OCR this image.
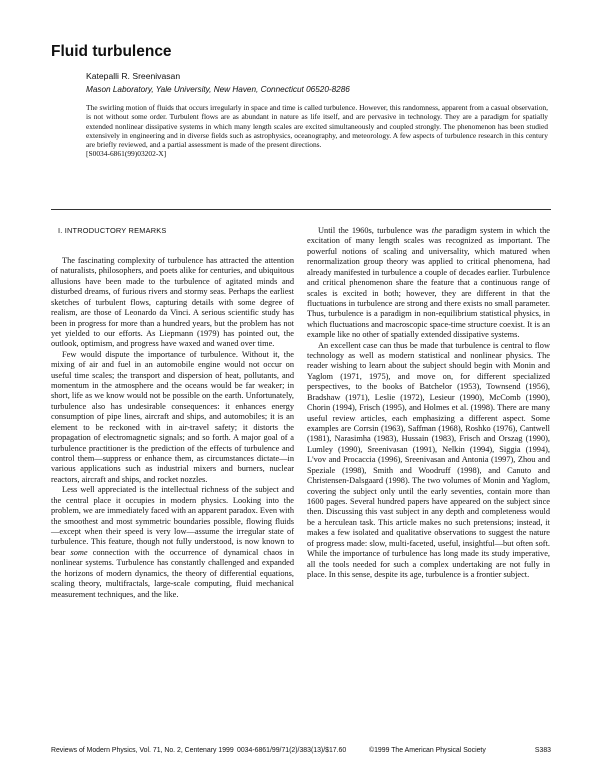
Fluid turbulence
Katepalli R. Sreenivasan
Mason Laboratory, Yale University, New Haven, Connecticut 06520-8286
The swirling motion of fluids that occurs irregularly in space and time is called turbulence. However, this randomness, apparent from a casual observation, is not without some order. Turbulent flows are as abundant in nature as life itself, and are pervasive in technology. They are a paradigm for spatially extended nonlinear dissipative systems in which many length scales are excited simultaneously and coupled strongly. The phenomenon has been studied extensively in engineering and in diverse fields such as astrophysics, oceanography, and meteorology. A few aspects of turbulence research in this century are briefly reviewed, and a partial assessment is made of the present directions.
[S0034-6861(99)03202-X]
I. INTRODUCTORY REMARKS

The fascinating complexity of turbulence has attracted the attention of naturalists, philosophers, and poets alike for centuries, and ubiquitous allusions have been made to the turbulence of agitated minds and disturbed dreams, of furious rivers and stormy seas. Perhaps the earliest sketches of turbulent flows, capturing details with some degree of realism, are those of Leonardo da Vinci. A serious scientific study has been in progress for more than a hundred years, but the problem has not yet yielded to our efforts. As Liepmann (1979) has pointed out, the outlook, optimism, and progress have waxed and waned over time.

Few would dispute the importance of turbulence. Without it, the mixing of air and fuel in an automobile engine would not occur on useful time scales; the transport and dispersion of heat, pollutants, and momentum in the atmosphere and the oceans would be far weaker; in short, life as we know would not be possible on the earth. Unfortunately, turbulence also has undesirable consequences: it enhances energy consumption of pipe lines, aircraft and ships, and automobiles; it is an element to be reckoned with in air-travel safety; it distorts the propagation of electromagnetic signals; and so forth. A major goal of a turbulence practitioner is the prediction of the effects of turbulence and control them—suppress or enhance them, as circumstances dictate—in various applications such as industrial mixers and burners, nuclear reactors, aircraft and ships, and rocket nozzles.

Less well appreciated is the intellectual richness of the subject and the central place it occupies in modern physics. Looking into the problem, we are immediately faced with an apparent paradox. Even with the smoothest and most symmetric boundaries possible, flowing fluids—except when their speed is very low—assume the irregular state of turbulence. This feature, though not fully understood, is now known to bear some connection with the occurrence of dynamical chaos in nonlinear systems. Turbulence has constantly challenged and expanded the horizons of modern dynamics, the theory of differential equations, scaling theory, multifractals, large-scale computing, fluid mechanical measurement techniques, and the like.

Until the 1960s, turbulence was the paradigm system in which the excitation of many length scales was recognized as important. The powerful notions of scaling and universality, which matured when renormalization group theory was applied to critical phenomena, had already manifested in turbulence a couple of decades earlier. Turbulence and critical phenomenon share the feature that a continuous range of scales is excited in both; however, they are different in that the fluctuations in turbulence are strong and there exists no small parameter. Thus, turbulence is a paradigm in non-equilibrium statistical physics, in which fluctuations and macroscopic space-time structure coexist. It is an example like no other of spatially extended dissipative systems.

An excellent case can thus be made that turbulence is central to flow technology as well as modern statistical and nonlinear physics. The reader wishing to learn about the subject should begin with Monin and Yaglom (1971, 1975), and move on, for different specialized perspectives, to the books of Batchelor (1953), Townsend (1956), Bradshaw (1971), Leslie (1972), Lesieur (1990), McComb (1990), Chorin (1994), Frisch (1995), and Holmes et al. (1998). There are many useful review articles, each emphasizing a different aspect. Some examples are Corrsin (1963), Saffman (1968), Roshko (1976), Cantwell (1981), Narasimha (1983), Hussain (1983), Frisch and Orszag (1990), Lumley (1990), Sreenivasan (1991), Nelkin (1994), Siggia (1994), L'vov and Procaccia (1996), Sreenivasan and Antonia (1997), Zhou and Speziale (1998), Smith and Woodruff (1998), and Canuto and Christensen-Dalsgaard (1998). The two volumes of Monin and Yaglom, covering the subject only until the early seventies, contain more than 1600 pages. Several hundred papers have appeared on the subject since then. Discussing this vast subject in any depth and completeness would be a herculean task. This article makes no such pretensions; instead, it makes a few isolated and qualitative observations to suggest the nature of progress made: slow, multi-faceted, useful, insightful—but often soft. While the importance of turbulence has long made its study imperative, all the tools needed for such a complex undertaking are not fully in place. In this sense, despite its age, turbulence is a frontier subject.

Reviews of Modern Physics, Vol. 71, No. 2, Centenary 1999 0034-6861/99/71(2)/383(13)/$17.60	©1999 The American Physical Society	S383
